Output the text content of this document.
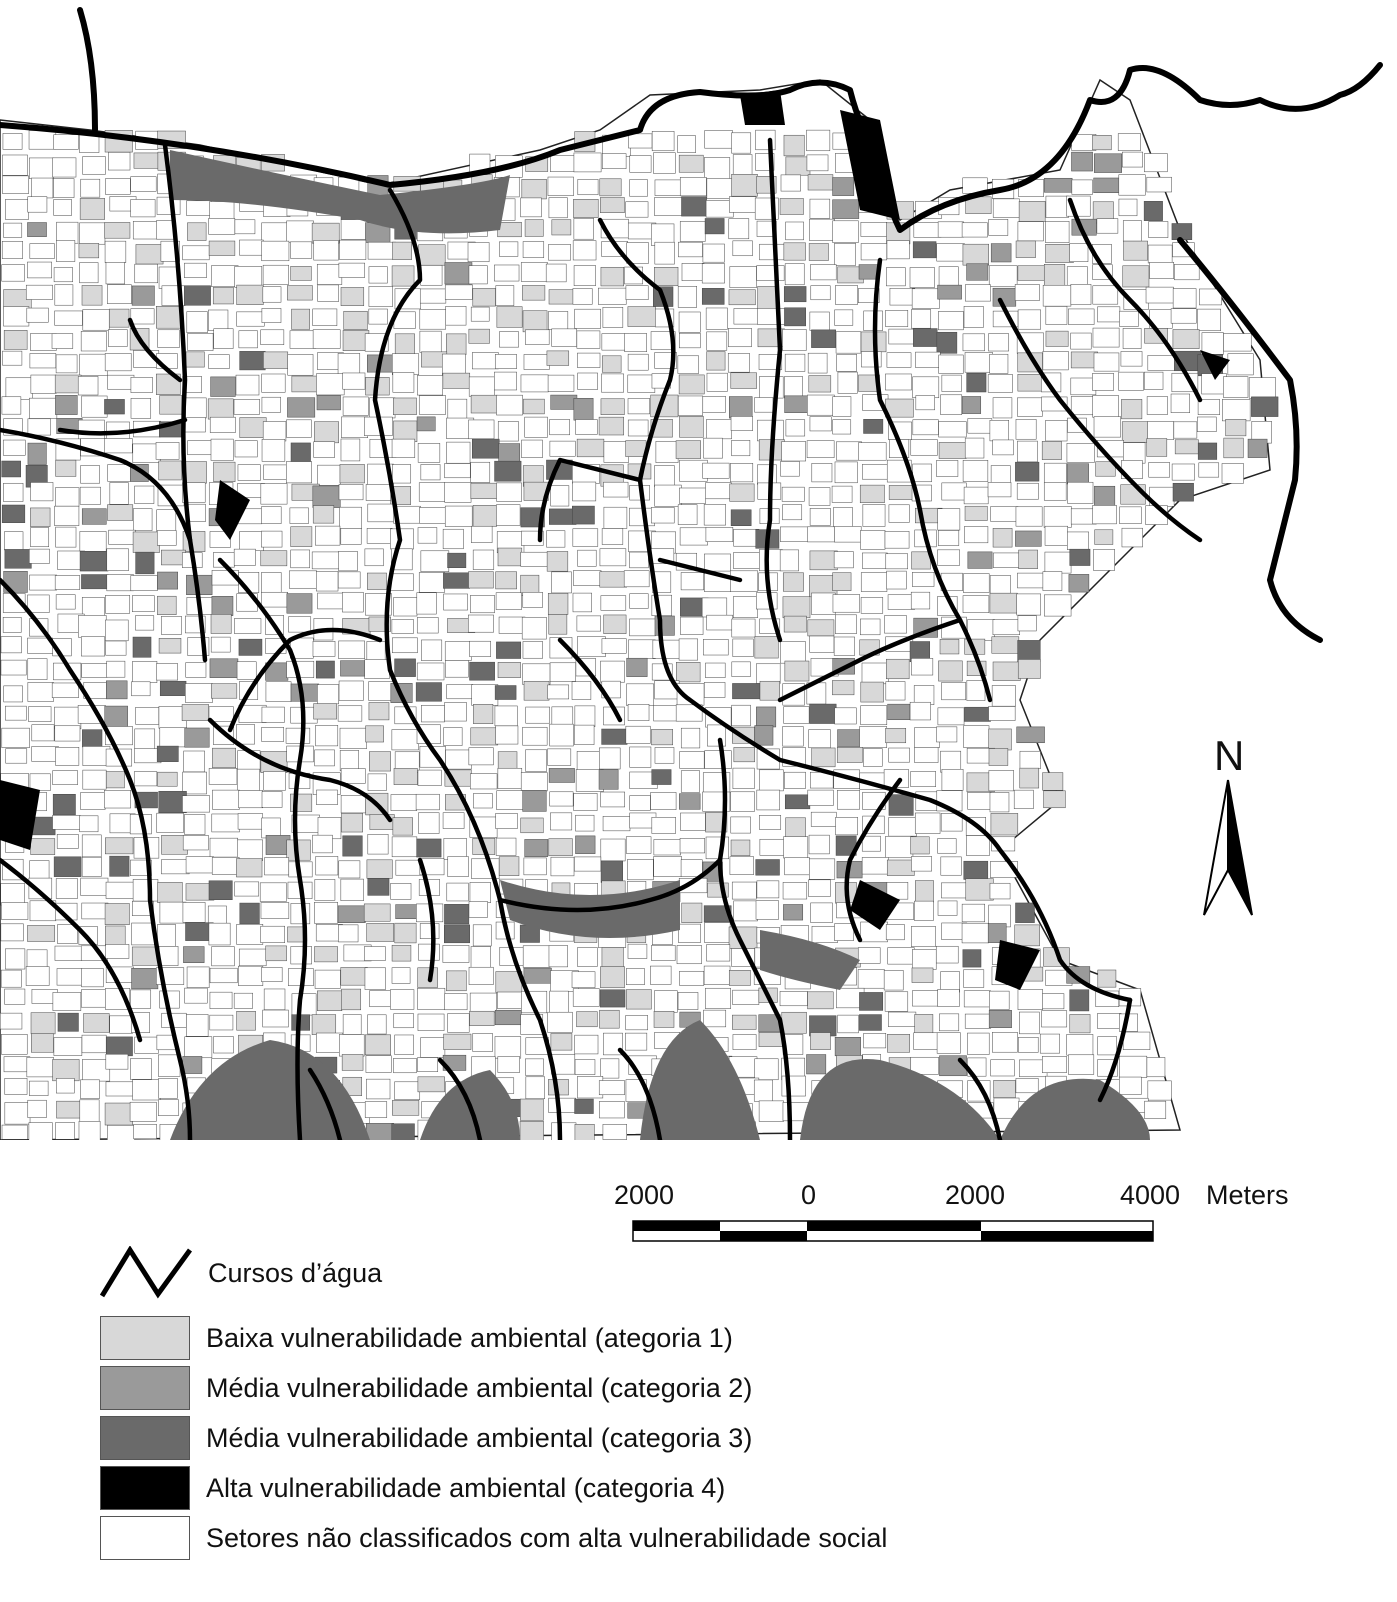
N
2000	0	2000	4000 Meters
Cursos d’água
Baixa vulnerabilidade ambiental (ategoria 1)
Média vulnerabilidade ambiental (categoria 2)
Média vulnerabilidade ambiental (categoria 3)
Alta vulnerabilidade ambiental (categoria 4)
Setores não classificados com alta vulnerabilidade social
